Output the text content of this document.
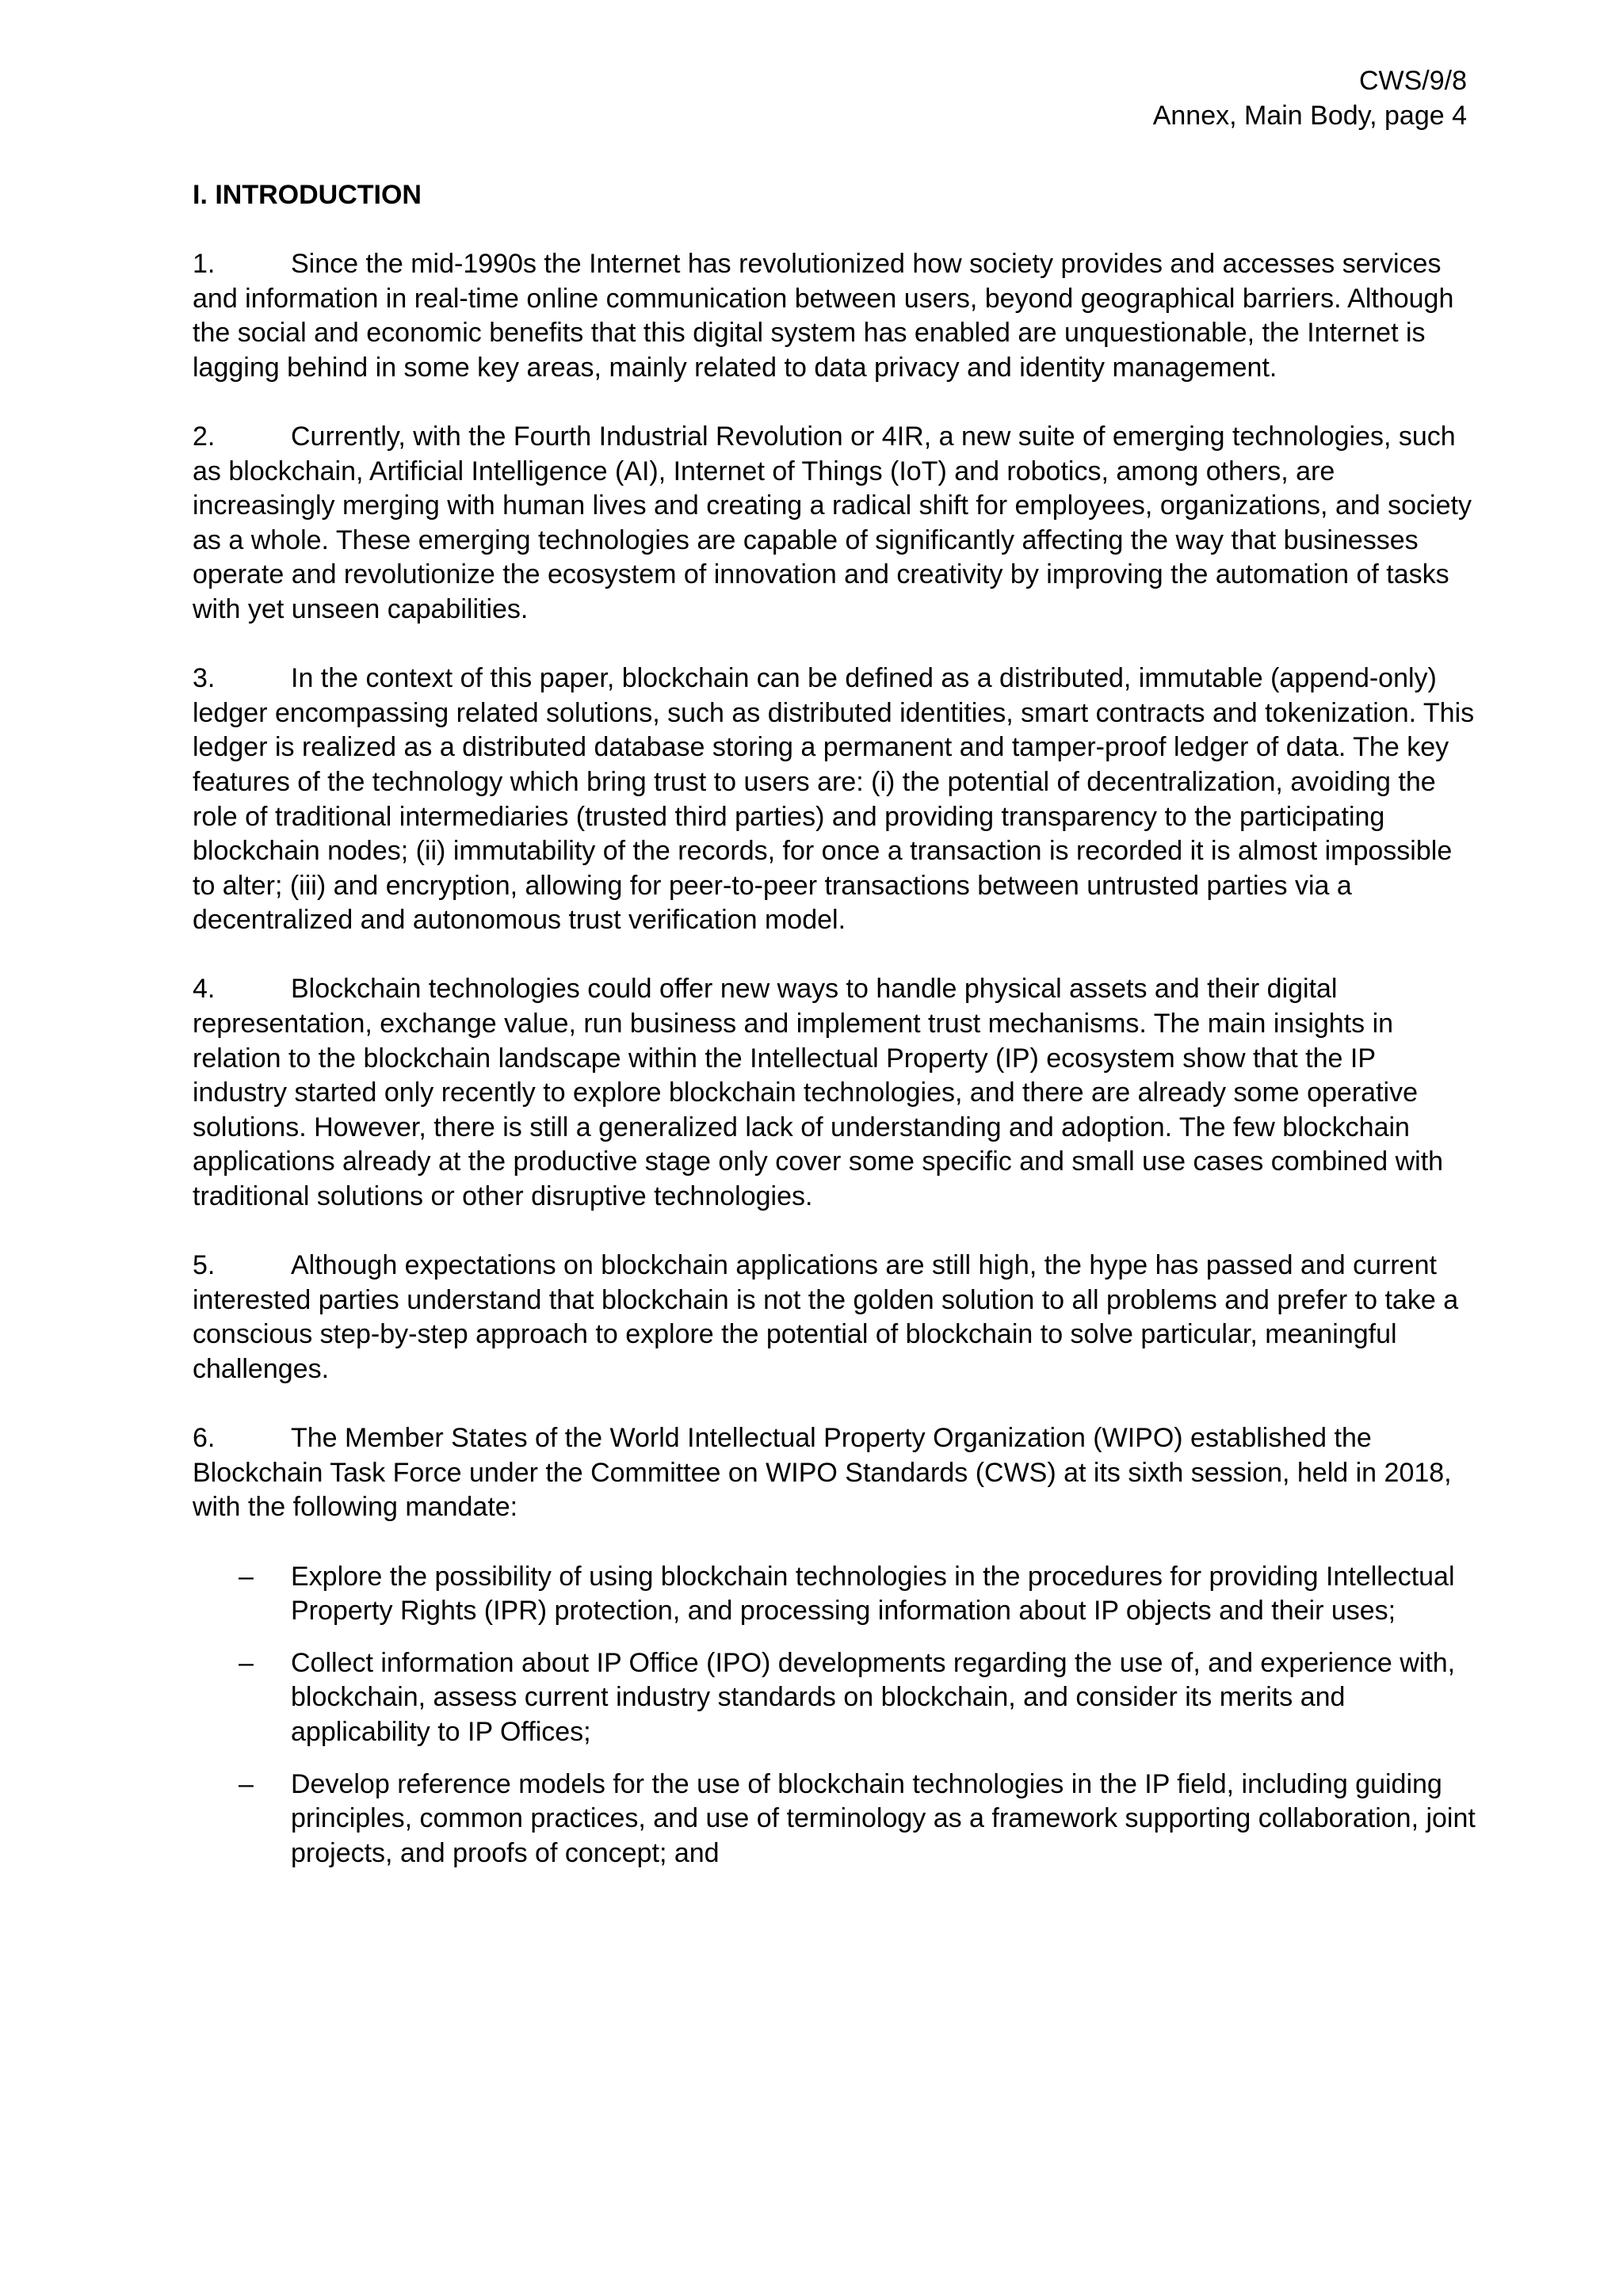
CWS/9/8
Annex, Main Body, page 4
I. INTRODUCTION
1.	Since the mid-1990s the Internet has revolutionized how society provides and accesses services and information in real-time online communication between users, beyond geographical barriers. Although the social and economic benefits that this digital system has enabled are unquestionable, the Internet is lagging behind in some key areas, mainly related to data privacy and identity management.
2.	Currently, with the Fourth Industrial Revolution or 4IR, a new suite of emerging technologies, such as blockchain, Artificial Intelligence (AI), Internet of Things (IoT) and robotics, among others, are increasingly merging with human lives and creating a radical shift for employees, organizations, and society as a whole. These emerging technologies are capable of significantly affecting the way that businesses operate and revolutionize the ecosystem of innovation and creativity by improving the automation of tasks with yet unseen capabilities.
3.	In the context of this paper, blockchain can be defined as a distributed, immutable (append-only) ledger encompassing related solutions, such as distributed identities, smart contracts and tokenization. This ledger is realized as a distributed database storing a permanent and tamper-proof ledger of data. The key features of the technology which bring trust to users are: (i) the potential of decentralization, avoiding the role of traditional intermediaries (trusted third parties) and providing transparency to the participating blockchain nodes; (ii) immutability of the records, for once a transaction is recorded it is almost impossible to alter; (iii) and encryption, allowing for peer-to-peer transactions between untrusted parties via a decentralized and autonomous trust verification model.
4.	Blockchain technologies could offer new ways to handle physical assets and their digital representation, exchange value, run business and implement trust mechanisms. The main insights in relation to the blockchain landscape within the Intellectual Property (IP) ecosystem show that the IP industry started only recently to explore blockchain technologies, and there are already some operative solutions. However, there is still a generalized lack of understanding and adoption. The few blockchain applications already at the productive stage only cover some specific and small use cases combined with traditional solutions or other disruptive technologies.
5.	Although expectations on blockchain applications are still high, the hype has passed and current interested parties understand that blockchain is not the golden solution to all problems and prefer to take a conscious step-by-step approach to explore the potential of blockchain to solve particular, meaningful challenges.
6.	The Member States of the World Intellectual Property Organization (WIPO) established the Blockchain Task Force under the Committee on WIPO Standards (CWS) at its sixth session, held in 2018, with the following mandate:
– Explore the possibility of using blockchain technologies in the procedures for providing Intellectual Property Rights (IPR) protection, and processing information about IP objects and their uses;
– Collect information about IP Office (IPO) developments regarding the use of, and experience with, blockchain, assess current industry standards on blockchain, and consider its merits and applicability to IP Offices;
– Develop reference models for the use of blockchain technologies in the IP field, including guiding principles, common practices, and use of terminology as a framework supporting collaboration, joint projects, and proofs of concept; and
